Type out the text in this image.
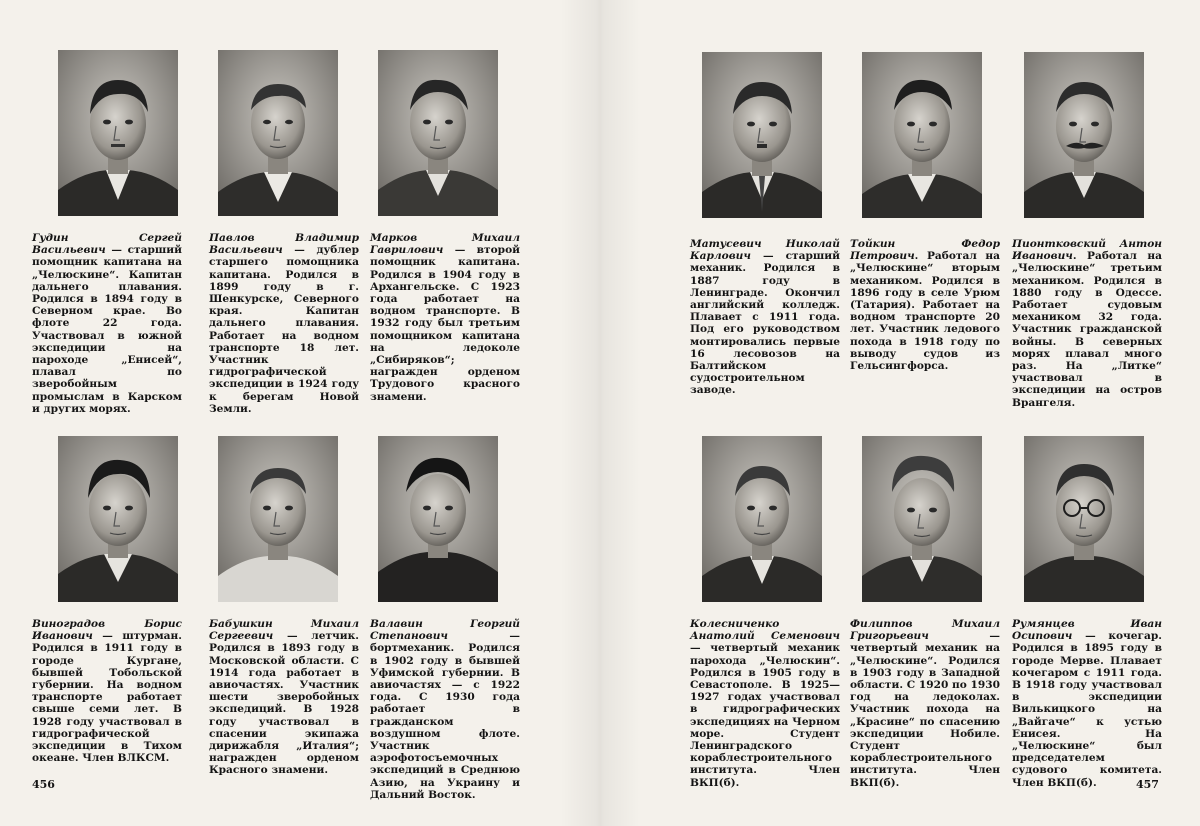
Гудин Сергей Васильевич — старший помощник капитана на „Челюскине“. Капитан дальнего плавания. Родился в 1894 году в Северном крае. Во флоте 22 года. Участвовал в южной экспедиции на пароходе „Енисей“, плавал по зверобойным промыслам в Карском и других морях.
Павлов Владимир Васильевич — дублер старшего помощника капитана. Родился в 1899 году в г. Шенкурске, Северного края. Капитан дальнего плавания. Работает на водном транспорте 18 лет. Участник гидрографической экспедиции в 1924 году к берегам Новой Земли.
Марков Михаил Гаврилович — второй помощник капитана. Родился в 1904 году в Архангельске. С 1923 года работает на водном транспорте. В 1932 году был третьим помощником капитана на ледоколе „Сибиряков“; награжден орденом Трудового красного знамени.
Матусевич Николай Карлович — старший механик. Родился в 1887 году в Ленинграде. Окончил английский колледж. Плавает с 1911 года. Под его руководством монтировались первые 16 лесовозов на Балтийском судостроительном заводе.
Тойкин Федор Петрович. Работал на „Челюскине“ вторым механиком. Родился в 1896 году в селе Урюм (Татария). Работает на водном транспорте 20 лет. Участник ледового похода в 1918 году по выводу судов из Гельсингфорса.
Пионтковский Антон Иванович. Работал на „Челюскине“ третьим механиком. Родился в 1880 году в Одессе. Работает судовым механиком 32 года. Участник гражданской войны. В северных морях плавал много раз. На „Литке“ участвовал в экспедиции на остров Врангеля.
Виноградов Борис Иванович — штурман. Родился в 1911 году в городе Кургане, бывшей Тобольской губернии. На водном транспорте работает свыше семи лет. В 1928 году участвовал в гидрографической экспедиции в Тихом океане. Член ВЛКСМ.
Бабушкин Михаил Сергеевич — летчик. Родился в 1893 году в Московской области. С 1914 года работает в авиочастях. Участник шести зверобойных экспедиций. В 1928 году участвовал в спасении экипажа дирижабля „Италия“; награжден орденом Красного знамени.
Валавин Георгий Степанович — бортмеханик. Родился в 1902 году в бывшей Уфимской губернии. В авиочастях — с 1922 года. С 1930 года работает в гражданском воздушном флоте. Участник аэрофотосъемочных экспедиций в Среднюю Азию, на Украину и Дальний Восток.
Колесниченко Анатолий Семенович — четвертый механик парохода „Челюскин“. Родился в 1905 году в Севастополе. В 1925—1927 годах участвовал в гидрографических экспедициях на Черном море. Студент Ленинградского кораблестроительного института. Член ВКП(б).
Филиппов Михаил Григорьевич — четвертый механик на „Челюскине“. Родился в 1903 году в Западной области. С 1920 по 1930 год на ледоколах. Участник похода на „Красине“ по спасению экспедиции Нобиле. Студент кораблестроительного института. Член ВКП(б).
Румянцев Иван Осипович — кочегар. Родился в 1895 году в городе Мерве. Плавает кочегаром с 1911 года. В 1918 году участвовал в экспедиции Вилькицкого на „Вайгаче“ к устью Енисея. На „Челюскине“ был председателем судового комитета. Член ВКП(б).
456	457
